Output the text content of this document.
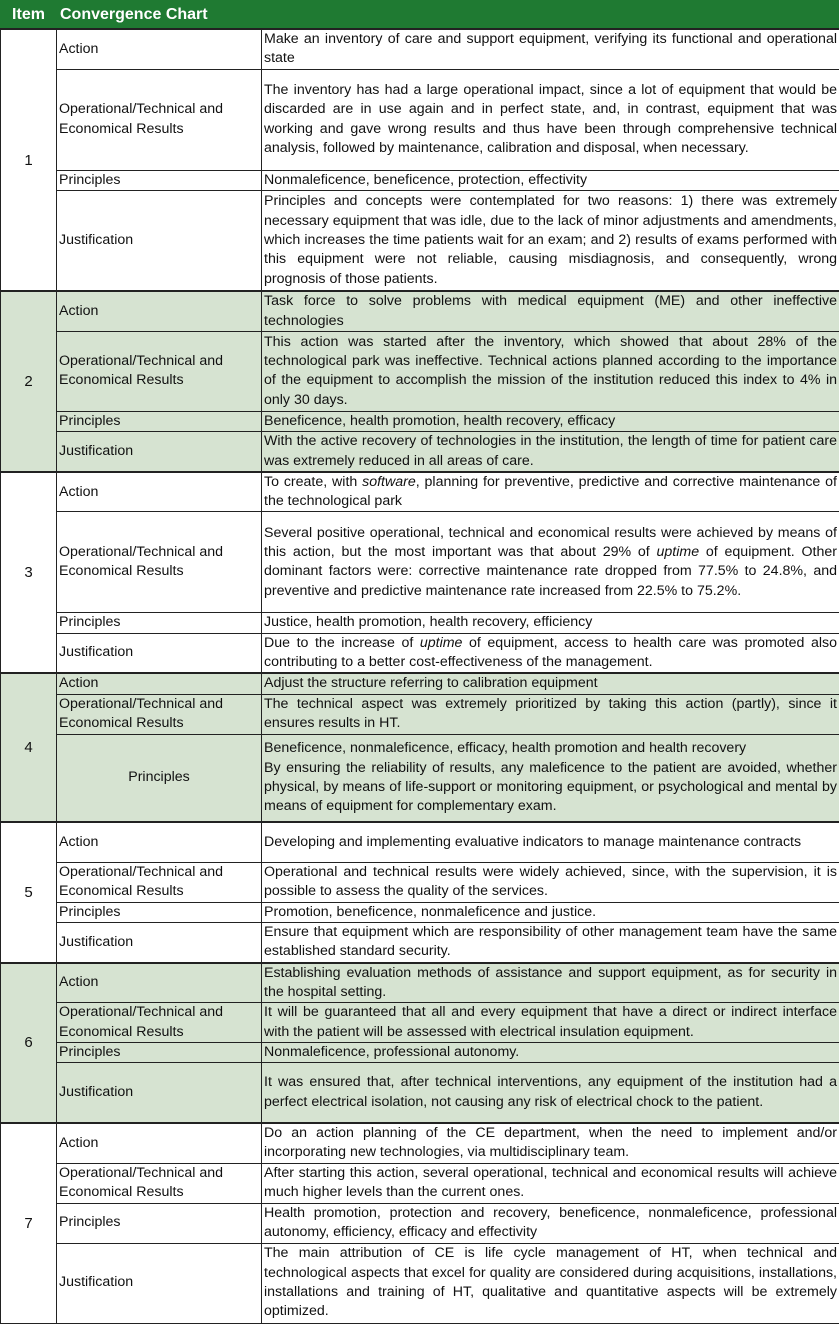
Item	Convergence Chart	
1	Action	Make an inventory of care and support equipment, verifying its functional and operational state
	Operational/Technical and Economical Results	The inventory has had a large operational impact, since a lot of equipment that would be discarded are in use again and in perfect state, and, in contrast, equipment that was working and gave wrong results and thus have been through comprehensive technical analysis, followed by maintenance, calibration and disposal, when necessary.
	Principles	Nonmaleficence, beneficence, protection, effectivity
	Justification	Principles and concepts were contemplated for two reasons: 1) there was extremely necessary equipment that was idle, due to the lack of minor adjustments and amendments, which increases the time patients wait for an exam; and 2) results of exams performed with this equipment were not reliable, causing misdiagnosis, and consequently, wrong prognosis of those patients.
2	Action	Task force to solve problems with medical equipment (ME) and other ineffective technologies
	Operational/Technical and Economical Results	This action was started after the inventory, which showed that about 28% of the technological park was ineffective. Technical actions planned according to the importance of the equipment to accomplish the mission of the institution reduced this index to 4% in only 30 days.
	Principles	Beneficence, health promotion, health recovery, efficacy
	Justification	With the active recovery of technologies in the institution, the length of time for patient care was extremely reduced in all areas of care.
3	Action	To create, with software, planning for preventive, predictive and corrective maintenance of the technological park
	Operational/Technical and Economical Results	Several positive operational, technical and economical results were achieved by means of this action, but the most important was that about 29% of uptime of equipment. Other dominant factors were: corrective maintenance rate dropped from 77.5% to 24.8%, and preventive and predictive maintenance rate increased from 22.5% to 75.2%.
	Principles	Justice, health promotion, health recovery, efficiency
	Justification	Due to the increase of uptime of equipment, access to health care was promoted also contributing to a better cost-effectiveness of the management.
4	Action	Adjust the structure referring to calibration equipment
	Operational/Technical and Economical Results	The technical aspect was extremely prioritized by taking this action (partly), since it ensures results in HT.
	Principles	Beneficence, nonmaleficence, efficacy, health promotion and health recovery
By ensuring the reliability of results, any maleficence to the patient are avoided, whether physical, by means of life-support or monitoring equipment, or psychological and mental by means of equipment for complementary exam.

5	Action	Developing and implementing evaluative indicators to manage maintenance contracts
	Operational/Technical and Economical Results	Operational and technical results were widely achieved, since, with the supervision, it is possible to assess the quality of the services.
	Principles	Promotion, beneficence, nonmaleficence and justice.
	Justification	Ensure that equipment which are responsibility of other management team have the same established standard security.
6	Action	Establishing evaluation methods of assistance and support equipment, as for security in the hospital setting.
	Operational/Technical and Economical Results	It will be guaranteed that all and every equipment that have a direct or indirect interface with the patient will be assessed with electrical insulation equipment.
	Principles	Nonmaleficence, professional autonomy.
	Justification	It was ensured that, after technical interventions, any equipment of the institution had a perfect electrical isolation, not causing any risk of electrical chock to the patient.
7	Action	Do an action planning of the CE department, when the need to implement and/or incorporating new technologies, via multidisciplinary team.
	Operational/Technical and Economical Results	After starting this action, several operational, technical and economical results will achieve much higher levels than the current ones.
	Principles	Health promotion, protection and recovery, beneficence, nonmaleficence, professional autonomy, efficiency, efficacy and effectivity
	Justification	The main attribution of CE is life cycle management of HT, when technical and technological aspects that excel for quality are considered during acquisitions, installations, installations and training of HT, qualitative and quantitative aspects will be extremely optimized.
